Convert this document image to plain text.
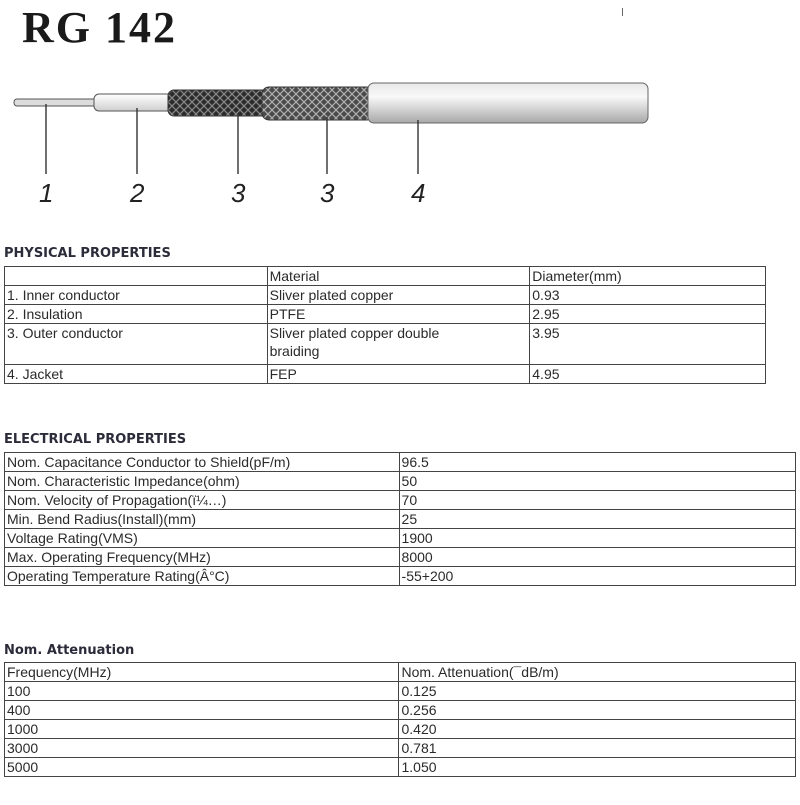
RG 142
1	2	3	3	4
PHYSICAL PROPERTIES
	Material	Diameter(mm)
1. Inner conductor	Sliver plated copper	0.93
2. Insulation	PTFE	2.95
3. Outer conductor	Sliver plated copper double braiding	3.95
4. Jacket	FEP	4.95
ELECTRICAL PROPERTIES
Nom. Capacitance Conductor to Shield(pF/m)	96.5
Nom. Characteristic Impedance(ohm)	50
Nom. Velocity of Propagation(ï¼…)	70
Min. Bend Radius(Install)(mm)	25
Voltage Rating(VMS)	1900
Max. Operating Frequency(MHz)	8000
Operating Temperature Rating(Â°C)	-55+200
Nom. Attenuation
Frequency(MHz)	Nom. Attenuation(¯dB/m)
100	0.125
400	0.256
1000	0.420
3000	0.781
5000	1.050
